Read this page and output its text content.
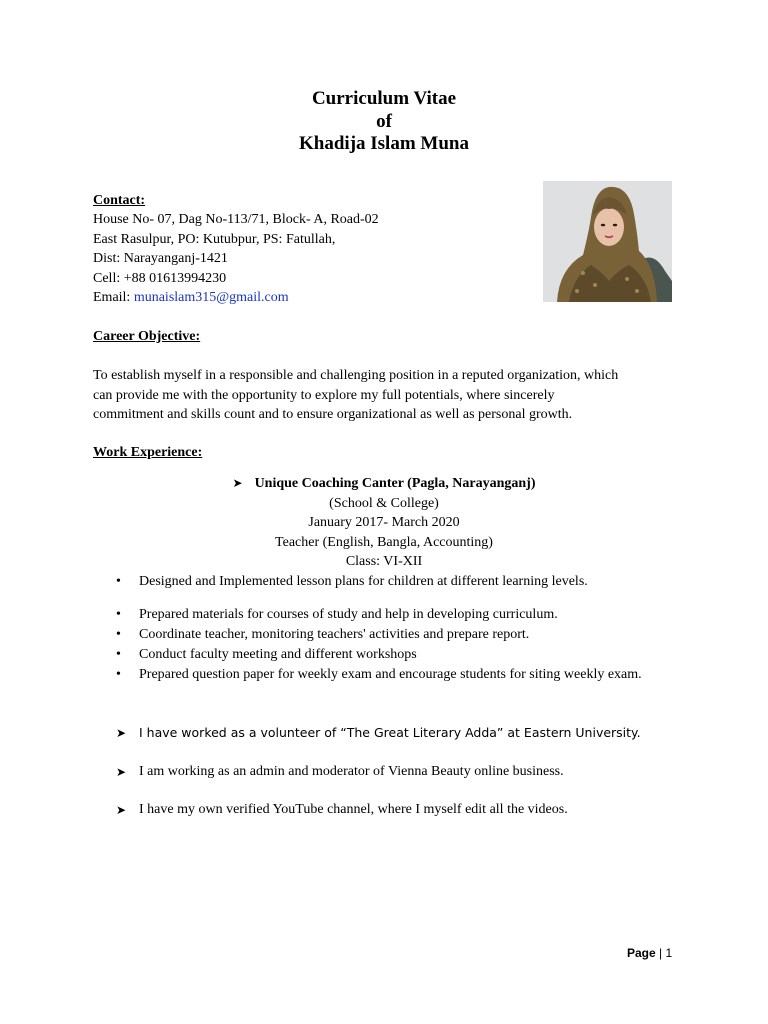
Curriculum Vitae
of
Khadija Islam Muna
Contact:
House No- 07, Dag No-113/71, Block- A, Road-02
East Rasulpur, PO: Kutubpur, PS: Fatullah,
Dist: Narayanganj-1421
Cell: +88 01613994230
Email: munaislam315@gmail.com
Career Objective:
To establish myself in a responsible and challenging position in a reputed organization, which
can provide me with the opportunity to explore my full potentials, where sincerely
commitment and skills count and to ensure organizational as well as personal growth.
Work Experience:
➤ Unique Coaching Canter (Pagla, Narayanganj)
(School & College)
January 2017- March 2020
Teacher (English, Bangla, Accounting)
Class: VI-XII
• Designed and Implemented lesson plans for children at different learning levels.
• Prepared materials for courses of study and help in developing curriculum.
• Coordinate teacher, monitoring teachers' activities and prepare report.
• Conduct faculty meeting and different workshops
• Prepared question paper for weekly exam and encourage students for siting weekly exam.
➤ I have worked as a volunteer of “The Great Literary Adda” at Eastern University.
➤ I am working as an admin and moderator of Vienna Beauty online business.
➤ I have my own verified YouTube channel, where I myself edit all the videos.
Page | 1
